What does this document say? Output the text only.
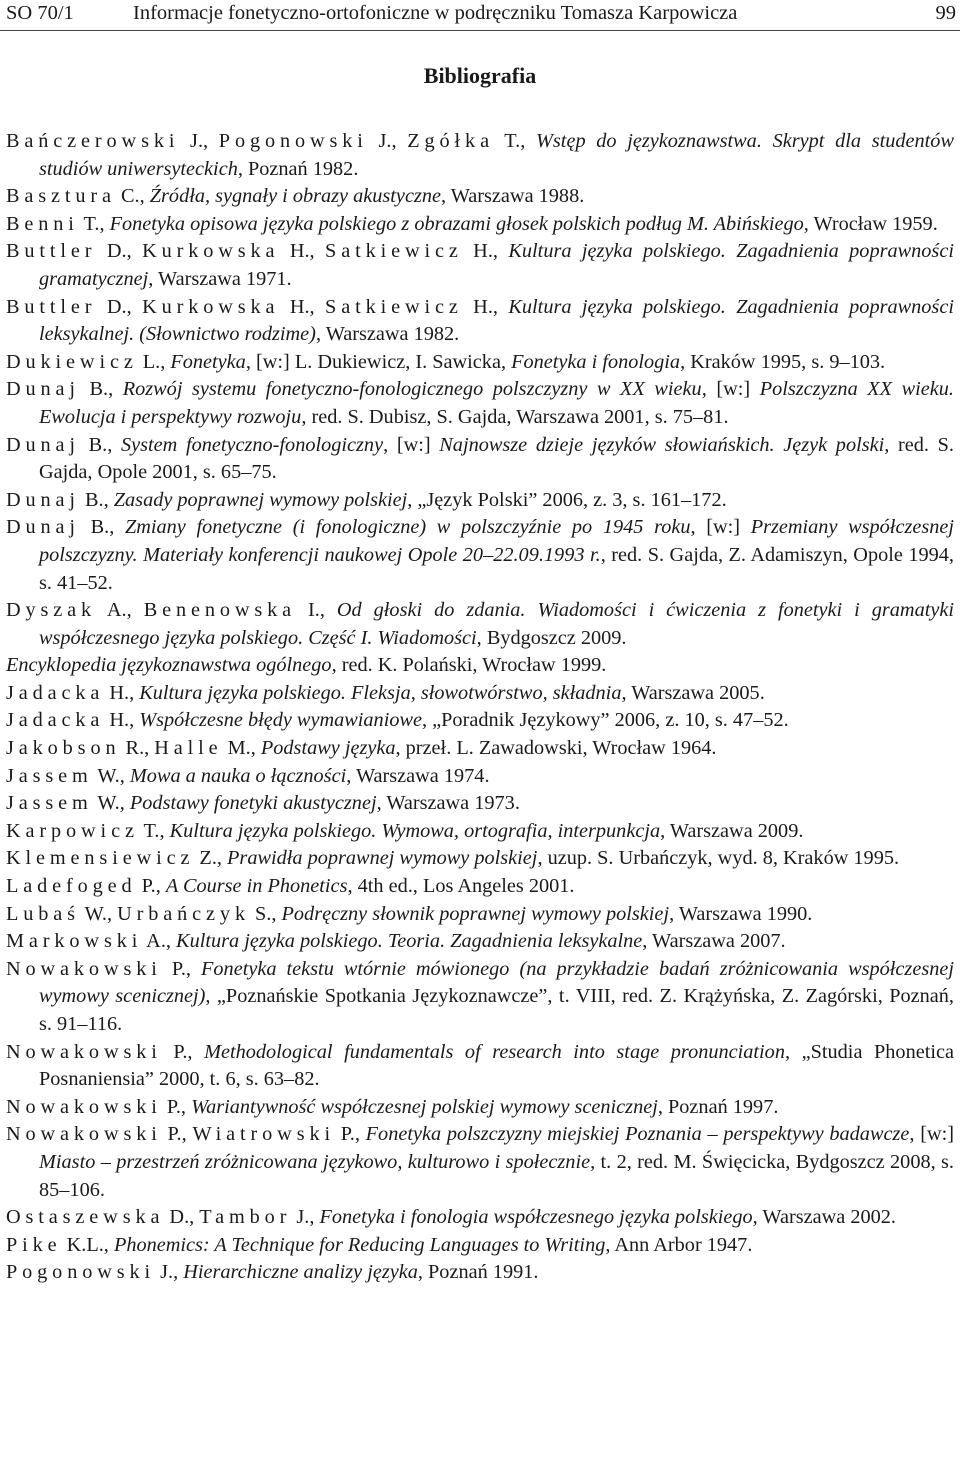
SO 70/1	Informacje fonetyczno-ortofoniczne w podręczniku Tomasza Karpowicza	99
Bibliografia
Bańczerowski J., Pogonowski J., Zgółka T., Wstęp do językoznawstwa. Skrypt dla studentów studiów uniwersyteckich, Poznań 1982.
Basztura C., Źródła, sygnały i obrazy akustyczne, Warszawa 1988.
Benni T., Fonetyka opisowa języka polskiego z obrazami głosek polskich podług M. Abińskiego, Wrocław 1959.
Buttler D., Kurkowska H., Satkiewicz H., Kultura języka polskiego. Zagadnienia poprawności gramatycznej, Warszawa 1971.
Buttler D., Kurkowska H., Satkiewicz H., Kultura języka polskiego. Zagadnienia poprawności leksykalnej. (Słownictwo rodzime), Warszawa 1982.
Dukiewicz L., Fonetyka, [w:] L. Dukiewicz, I. Sawicka, Fonetyka i fonologia, Kraków 1995, s. 9–103.
Dunaj B., Rozwój systemu fonetyczno-fonologicznego polszczyzny w XX wieku, [w:] Polszczyzna XX wieku. Ewolucja i perspektywy rozwoju, red. S. Dubisz, S. Gajda, Warszawa 2001, s. 75–81.
Dunaj B., System fonetyczno-fonologiczny, [w:] Najnowsze dzieje języków słowiańskich. Język polski, red. S. Gajda, Opole 2001, s. 65–75.
Dunaj B., Zasady poprawnej wymowy polskiej, „Język Polski” 2006, z. 3, s. 161–172.
Dunaj B., Zmiany fonetyczne (i fonologiczne) w polszczyźnie po 1945 roku, [w:] Przemiany współczesnej polszczyzny. Materiały konferencji naukowej Opole 20–22.09.1993 r., red. S. Gajda, Z. Adamiszyn, Opole 1994, s. 41–52.
Dyszak A., Benenowska I., Od głoski do zdania. Wiadomości i ćwiczenia z fonetyki i gramatyki współczesnego języka polskiego. Część I. Wiadomości, Bydgoszcz 2009.
Encyklopedia językoznawstwa ogólnego, red. K. Polański, Wrocław 1999.
Jadacka H., Kultura języka polskiego. Fleksja, słowotwórstwo, składnia, Warszawa 2005.
Jadacka H., Współczesne błędy wymawianiowe, „Poradnik Językowy” 2006, z. 10, s. 47–52.
Jakobson R., Halle M., Podstawy języka, przeł. L. Zawadowski, Wrocław 1964.
Jassem W., Mowa a nauka o łączności, Warszawa 1974.
Jassem W., Podstawy fonetyki akustycznej, Warszawa 1973.
Karpowicz T., Kultura języka polskiego. Wymowa, ortografia, interpunkcja, Warszawa 2009.
Klemensiewicz Z., Prawidła poprawnej wymowy polskiej, uzup. S. Urbańczyk, wyd. 8, Kraków 1995.
Ladefoged P., A Course in Phonetics, 4th ed., Los Angeles 2001.
Lubaś W., Urbańczyk S., Podręczny słownik poprawnej wymowy polskiej, Warszawa 1990.
Markowski A., Kultura języka polskiego. Teoria. Zagadnienia leksykalne, Warszawa 2007.
Nowakowski P., Fonetyka tekstu wtórnie mówionego (na przykładzie badań zróżnicowania współczesnej wymowy scenicznej), „Poznańskie Spotkania Językoznawcze”, t. VIII, red. Z. Krążyńska, Z. Zagórski, Poznań, s. 91–116.
Nowakowski P., Methodological fundamentals of research into stage pronunciation, „Studia Phonetica Posnaniensia” 2000, t. 6, s. 63–82.
Nowakowski P., Wariantywność współczesnej polskiej wymowy scenicznej, Poznań 1997.
Nowakowski P., Wiatrowski P., Fonetyka polszczyzny miejskiej Poznania – perspektywy badawcze, [w:] Miasto – przestrzeń zróżnicowana językowo, kulturowo i społecznie, t. 2, red. M. Święcicka, Bydgoszcz 2008, s. 85–106.
Ostaszewska D., Tambor J., Fonetyka i fonologia współczesnego języka polskiego, Warszawa 2002.
Pike K.L., Phonemics: A Technique for Reducing Languages to Writing, Ann Arbor 1947.
Pogonowski J., Hierarchiczne analizy języka, Poznań 1991.
